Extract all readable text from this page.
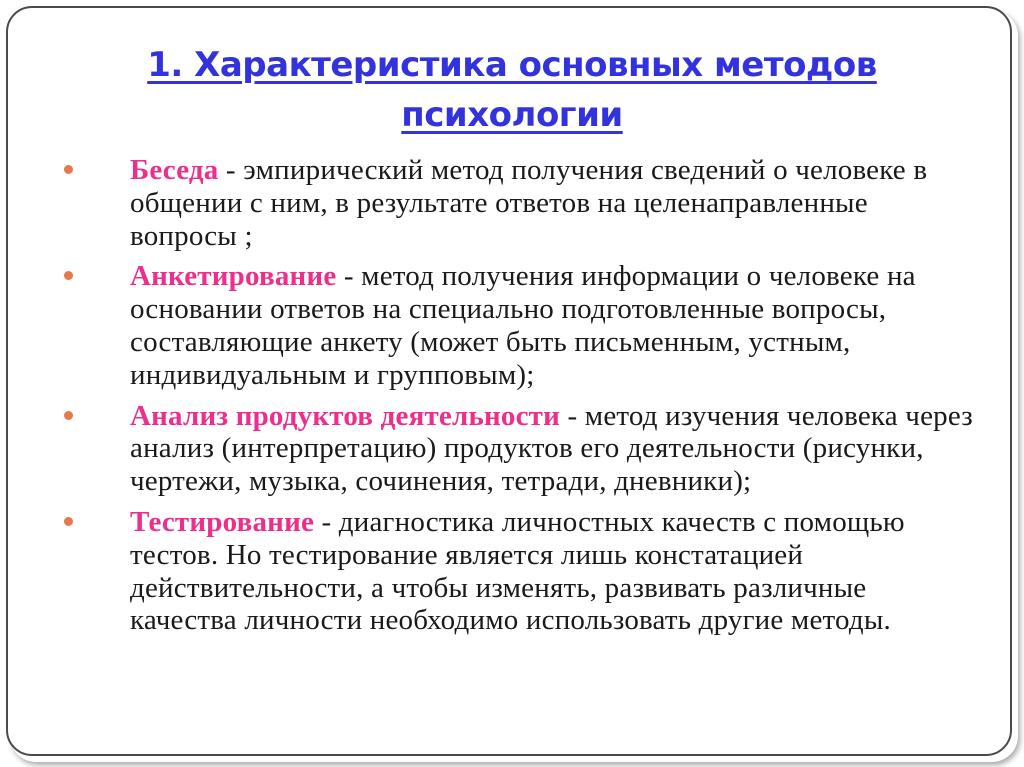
1. Характеристика основных методов
психологии
Беседа - эмпирический метод получения сведений о человеке в общении с ним, в результате ответов на целенаправленные вопросы ;
Анкетирование - метод получения информации о человеке на основании ответов на специально подготовленные вопросы, составляющие анкету (может быть письменным, устным, индивидуальным и групповым);
Анализ продуктов деятельности - метод изучения человека через анализ (интерпретацию) продуктов его деятельности (рисунки, чертежи, музыка, сочинения, тетради, дневники);
Тестирование - диагностика личностных качеств с помощью тестов. Но тестирование является лишь констатацией действительности, а чтобы изменять, развивать различные качества личности необходимо использовать другие методы.
